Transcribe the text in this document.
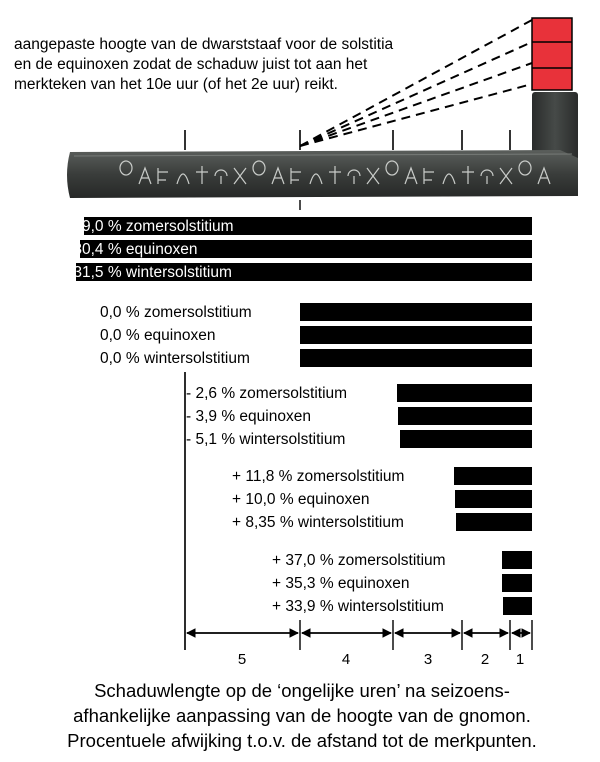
aangepaste hoogte van de dwarststaaf voor de solstitia
en de equinoxen zodat de schaduw juist tot aan het
merkteken van het 10e uur (of het 2e uur) reikt.
+ 29,0 % zomersolstitium
+ 30,4 % equinoxen
+ 31,5 % wintersolstitium
0,0 % zomersolstitium
0,0 % equinoxen
0,0 % wintersolstitium
- 2,6 % zomersolstitium
- 3,9 % equinoxen
- 5,1 % wintersolstitium
+ 11,8 % zomersolstitium
+ 10,0 % equinoxen
+ 8,35 % wintersolstitium
+ 37,0 % zomersolstitium
+ 35,3 % equinoxen
+ 33,9 % wintersolstitium
5	4	3	2 1
Schaduwlengte op de ‘ongelijke uren’ na seizoens-
afhankelijke aanpassing van de hoogte van de gnomon.
Procentuele afwijking t.o.v. de afstand tot de merkpunten.
